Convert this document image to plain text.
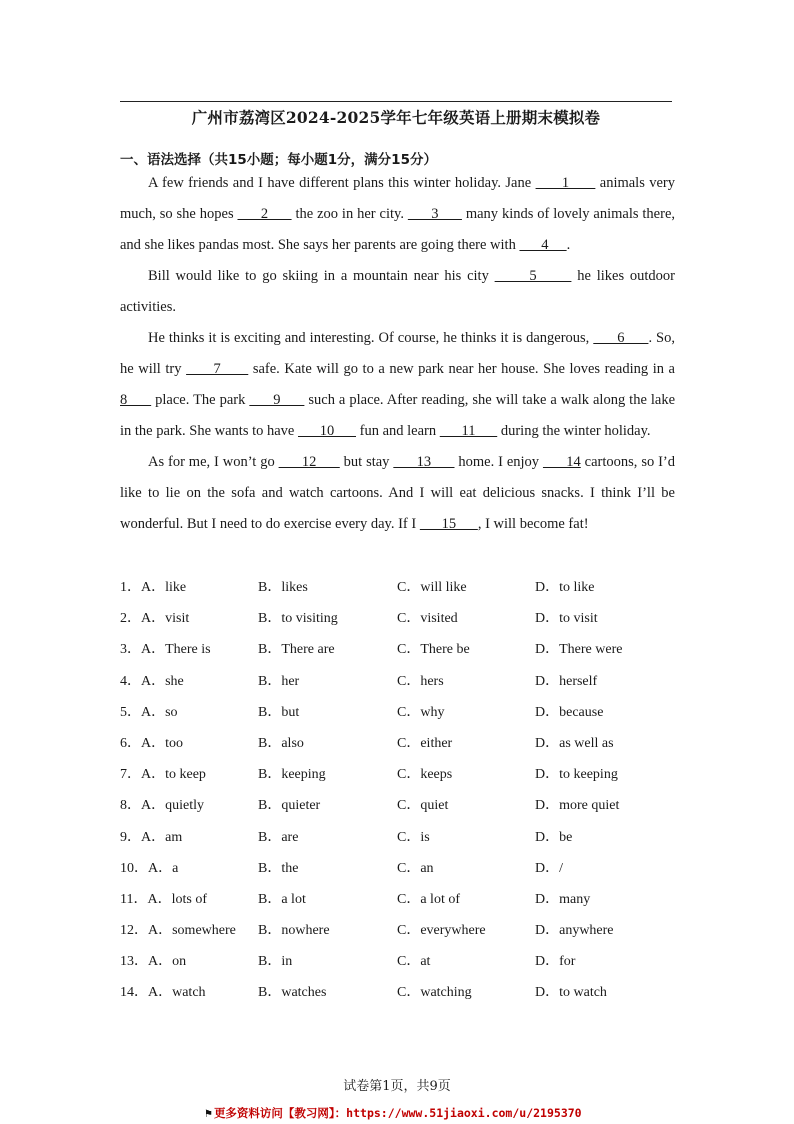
广州市荔湾区2024-2025学年七年级英语上册期末模拟卷
一、语法选择（共15小题；每小题1分，满分15分）

A few friends and I have different plans this winter holiday. Jane       1       animals very much, so she hopes       2       the zoo in her city.       3       many kinds of lovely animals there, and she likes pandas most. She says her parents are going there with       4     .

Bill would like to go skiing in a mountain near his city       5       he likes outdoor activities.

He thinks it is exciting and interesting. Of course, he thinks it is dangerous,       6      . So, he will try       7       safe. Kate will go to a new park near her house. She loves reading in a 8       place. The park       9       such a place. After reading, she will take a walk along the lake in the park. She wants to have       10       fun and learn       11       during the winter holiday.

As for me, I won’t go       12       but stay       13       home. I enjoy       14 cartoons, so I’d like to lie on the sofa and watch cartoons. And I will eat delicious snacks. I think I’ll be wonderful. But I need to do exercise every day. If I       15      , I will become fat!

1．A．like	B．likes	C．will like	D．to like
2．A．visit	B．to visiting	C．visited	D．to visit
3．A．There is	B．There are	C．There be	D．There were
4．A．she	B．her	C．hers	D．herself
5．A．so	B．but	C．why	D．because
6．A．too	B．also	C．either	D．as well as
7．A．to keep	B．keeping	C．keeps	D．to keeping
8．A．quietly	B．quieter	C．quiet	D．more quiet
9．A．am	B．are	C．is	D．be
10．A．a	B．the	C．an	D．/
11．A．lots of	B．a lot	C．a lot of	D．many
12．A．somewhere B．nowhere	C．everywhere	D．anywhere
13．A．on	B．in	C．at	D．for
14．A．watch	B．watches	C．watching	D．to watch
试卷第1页，共9页
⚑ 更多资料访问【教习网】：https://www.51jiaoxi.com/u/2195370
